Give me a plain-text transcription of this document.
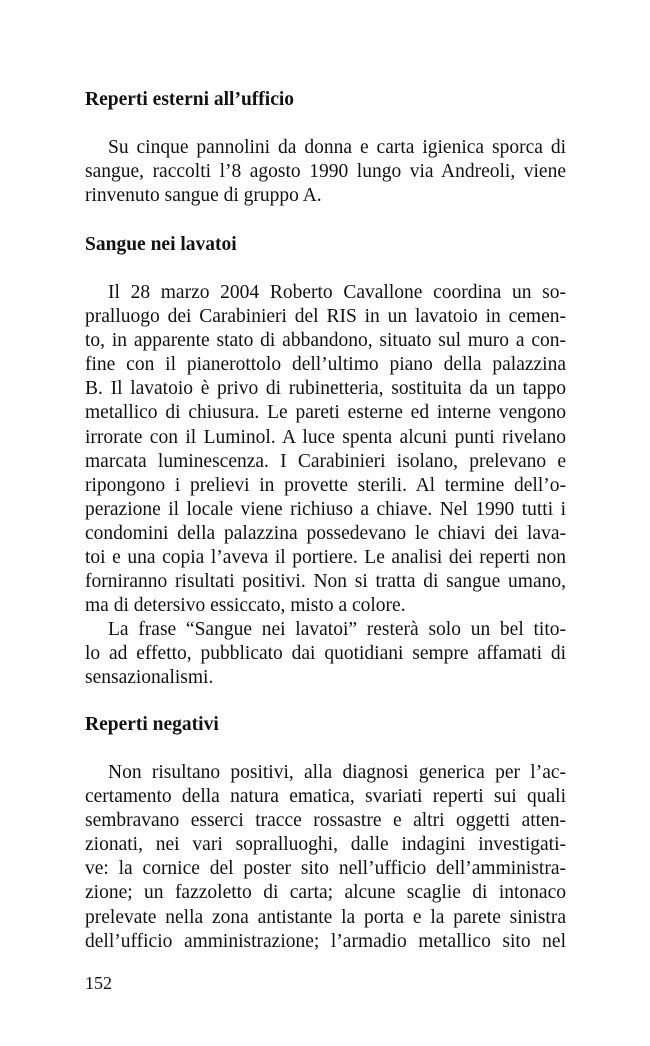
Reperti esterni all’ufficio
Su cinque pannolini da donna e carta igienica sporca di
sangue, raccolti l’8 agosto 1990 lungo via Andreoli, viene
rinvenuto sangue di gruppo A.
Sangue nei lavatoi
Il 28 marzo 2004 Roberto Cavallone coordina un so-
pralluogo dei Carabinieri del RIS in un lavatoio in cemen-
to, in apparente stato di abbandono, situato sul muro a con-
fine con il pianerottolo dell’ultimo piano della palazzina
B. Il lavatoio è privo di rubinetteria, sostituita da un tappo
metallico di chiusura. Le pareti esterne ed interne vengono
irrorate con il Luminol. A luce spenta alcuni punti rivelano
marcata luminescenza. I Carabinieri isolano, prelevano e
ripongono i prelievi in provette sterili. Al termine dell’o-
perazione il locale viene richiuso a chiave. Nel 1990 tutti i
condomini della palazzina possedevano le chiavi dei lava-
toi e una copia l’aveva il portiere. Le analisi dei reperti non
forniranno risultati positivi. Non si tratta di sangue umano,
ma di detersivo essiccato, misto a colore.
La frase “Sangue nei lavatoi” resterà solo un bel tito-
lo ad effetto, pubblicato dai quotidiani sempre affamati di
sensazionalismi.
Reperti negativi
Non risultano positivi, alla diagnosi generica per l’ac-
certamento della natura ematica, svariati reperti sui quali
sembravano esserci tracce rossastre e altri oggetti atten-
zionati, nei vari sopralluoghi, dalle indagini investigati-
ve: la cornice del poster sito nell’ufficio dell’amministra-
zione; un fazzoletto di carta; alcune scaglie di intonaco
prelevate nella zona antistante la porta e la parete sinistra
dell’ufficio amministrazione; l’armadio metallico sito nel

152
